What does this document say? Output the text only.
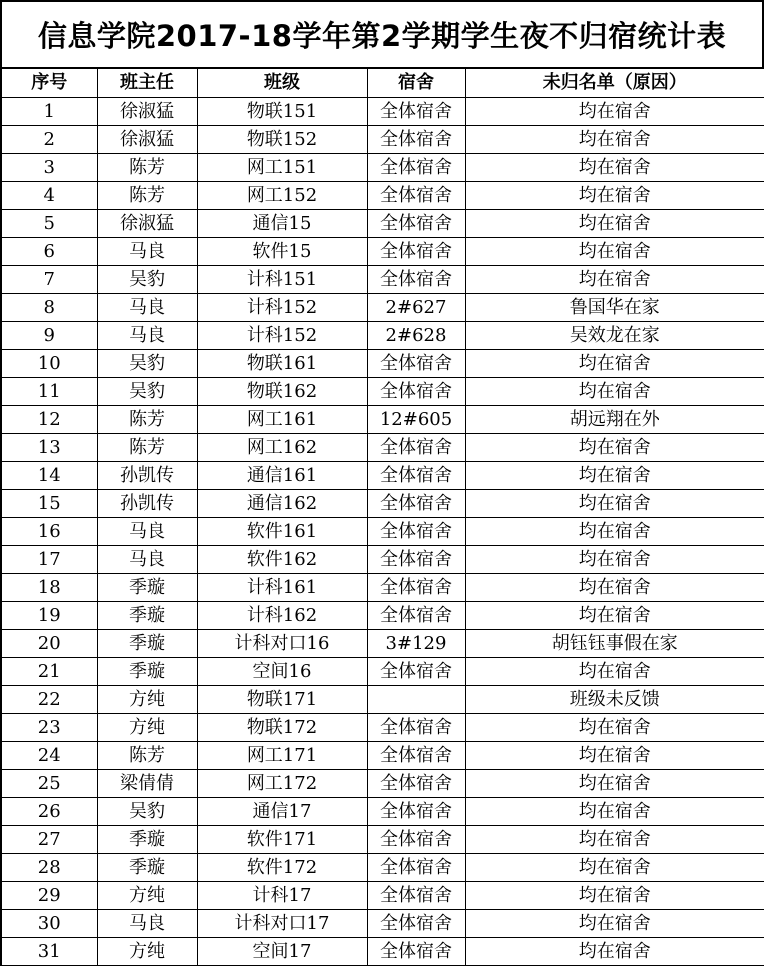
信息学院2017-18学年第2学期学生夜不归宿统计表
序号	班主任	班级	宿舍	未归名单（原因）
1	徐淑猛	物联151	全体宿舍	均在宿舍
2	徐淑猛	物联152	全体宿舍	均在宿舍
3	陈芳	网工151	全体宿舍	均在宿舍
4	陈芳	网工152	全体宿舍	均在宿舍
5	徐淑猛	通信15	全体宿舍	均在宿舍
6	马良	软件15	全体宿舍	均在宿舍
7	吴豹	计科151	全体宿舍	均在宿舍
8	马良	计科152	2#627	鲁国华在家
9	马良	计科152	2#628	吴效龙在家
10	吴豹	物联161	全体宿舍	均在宿舍
11	吴豹	物联162	全体宿舍	均在宿舍
12	陈芳	网工161	12#605	胡远翔在外
13	陈芳	网工162	全体宿舍	均在宿舍
14	孙凯传	通信161	全体宿舍	均在宿舍
15	孙凯传	通信162	全体宿舍	均在宿舍
16	马良	软件161	全体宿舍	均在宿舍
17	马良	软件162	全体宿舍	均在宿舍
18	季璇	计科161	全体宿舍	均在宿舍
19	季璇	计科162	全体宿舍	均在宿舍
20	季璇	计科对口16	3#129	胡钰钰事假在家
21	季璇	空间16	全体宿舍	均在宿舍
22	方纯	物联171		班级未反馈
23	方纯	物联172	全体宿舍	均在宿舍
24	陈芳	网工171	全体宿舍	均在宿舍
25	梁倩倩	网工172	全体宿舍	均在宿舍
26	吴豹	通信17	全体宿舍	均在宿舍
27	季璇	软件171	全体宿舍	均在宿舍
28	季璇	软件172	全体宿舍	均在宿舍
29	方纯	计科17	全体宿舍	均在宿舍
30	马良	计科对口17	全体宿舍	均在宿舍
31	方纯	空间17	全体宿舍	均在宿舍
